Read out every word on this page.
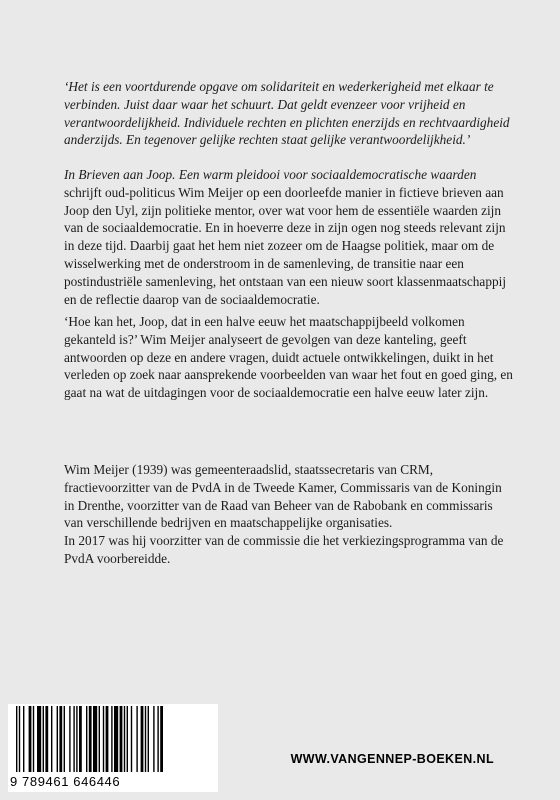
‘Het is een voortdurende opgave om solidariteit en wederkerigheid met elkaar te verbinden. Juist daar waar het schuurt. Dat geldt evenzeer voor vrijheid en verantwoordelijkheid. Individuele rechten en plichten enerzijds en rechtvaardigheid anderzijds. En tegenover gelijke rechten staat gelijke verantwoordelijkheid.’
In Brieven aan Joop. Een warm pleidooi voor sociaaldemocratische waarden schrijft oud-politicus Wim Meijer op een doorleefde manier in fictieve brieven aan Joop den Uyl, zijn politieke mentor, over wat voor hem de essentiële waarden zijn van de sociaaldemocratie. En in hoeverre deze in zijn ogen nog steeds relevant zijn in deze tijd. Daarbij gaat het hem niet zozeer om de Haagse politiek, maar om de wisselwerking met de onderstroom in de samenleving, de transitie naar een postindustriële samenleving, het ontstaan van een nieuw soort klassenmaatschappij en de reflectie daarop van de sociaaldemocratie.
‘Hoe kan het, Joop, dat in een halve eeuw het maatschappijbeeld volkomen gekanteld is?’ Wim Meijer analyseert de gevolgen van deze kanteling, geeft antwoorden op deze en andere vragen, duidt actuele ontwikkelingen, duikt in het verleden op zoek naar aansprekende voorbeelden van waar het fout en goed ging, en gaat na wat de uitdagingen voor de sociaaldemocratie een halve eeuw later zijn.
Wim Meijer (1939) was gemeenteraadslid, staatssecretaris van CRM, fractievoorzitter van de PvdA in de Tweede Kamer, Commissaris van de Koningin in Drenthe, voorzitter van de Raad van Beheer van de Rabobank en commissaris van verschillende bedrijven en maatschappelijke organisaties.
In 2017 was hij voorzitter van de commissie die het verkiezingsprogramma van de PvdA voorbereidde.
9 789461 646446
WWW.VANGENNEP-BOEKEN.NL
